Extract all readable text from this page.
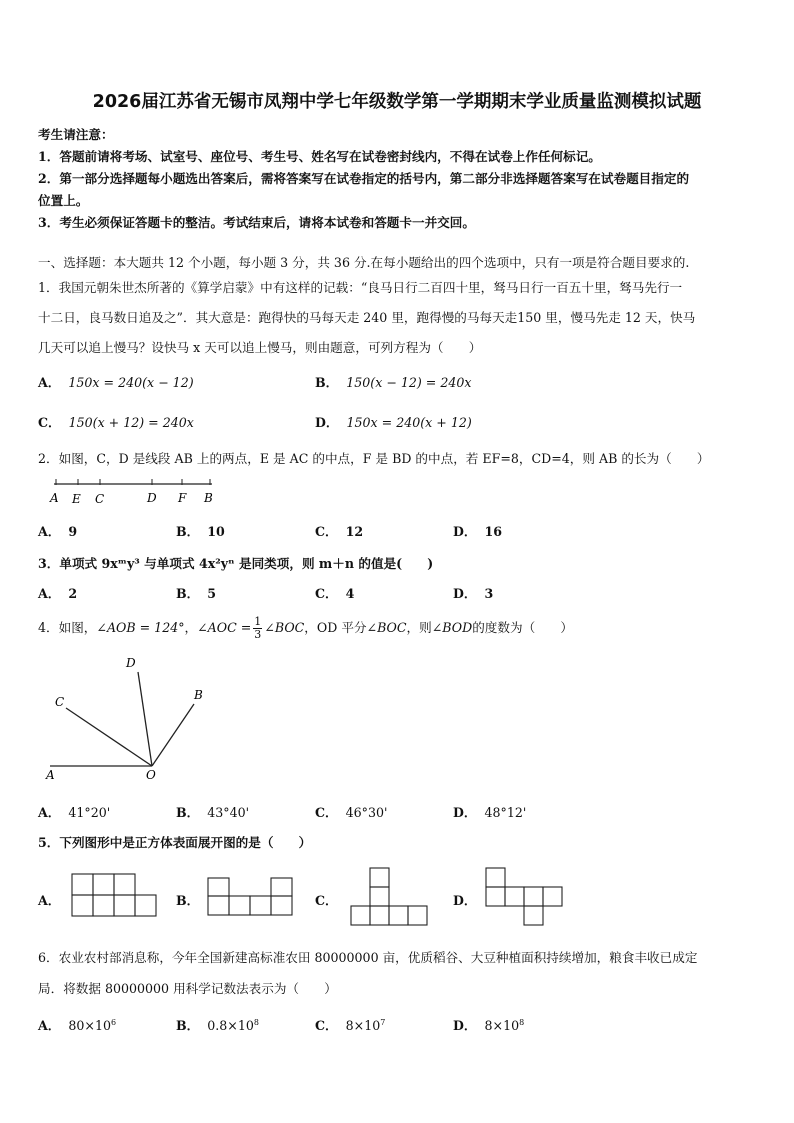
2026届江苏省无锡市凤翔中学七年级数学第一学期期末学业质量监测模拟试题
考生请注意：
1．答题前请将考场、试室号、座位号、考生号、姓名写在试卷密封线内，不得在试卷上作任何标记。
2．第一部分选择题每小题选出答案后，需将答案写在试卷指定的括号内，第二部分非选择题答案写在试卷题目指定的
位置上。
3．考生必须保证答题卡的整洁。考试结束后，请将本试卷和答题卡一并交回。
一、选择题：本大题共 12 个小题，每小题 3 分，共 36 分.在每小题给出的四个选项中，只有一项是符合题目要求的.
1．我国元朝朱世杰所著的《算学启蒙》中有这样的记载：“良马日行二百四十里，驽马日行一百五十里，驽马先行一
十二日，良马数日追及之”．其大意是：跑得快的马每天走 240 里，跑得慢的马每天走150 里，慢马先走 12 天，快马
几天可以追上慢马？设快马 x 天可以追上慢马，则由题意，可列方程为（　　）
A． 150x = 240(x − 12)	B． 150(x − 12) = 240x
C． 150(x + 12) = 240x	D． 150x = 240(x + 12)
2．如图，C，D 是线段 AB 上的两点，E 是 AC 的中点，F 是 BD 的中点，若 EF=8，CD=4，则 AB 的长为（　　）
A E C	D F B
A． 9	B． 10	C． 12	D． 16
3．单项式 9xᵐy³ 与单项式 4x²yⁿ 是同类项，则 m＋n 的值是(　　)
A． 2	B． 5	C． 4	D． 3
4．如图，∠AOB = 124°，∠AOC = $\frac{1}{3}$ ∠BOC，OD 平分∠BOC，则∠BOD的度数为（　　）
D
C	B
A	O
A． 41°20'	B． 43°40'	C． 46°30'	D． 48°12'
5．下列图形中是正方体表面展开图的是（　　）
A．	B．	C．	D．
6．农业农村部消息称，今年全国新建高标准农田 80000000 亩，优质稻谷、大豆种植面积持续增加，粮食丰收已成定
局．将数据 80000000 用科学记数法表示为（　　）
A． $80\times 10^6$	B． $0.8\times 10^8$	C． $8\times 10^7$	D． $8\times 10^8$
